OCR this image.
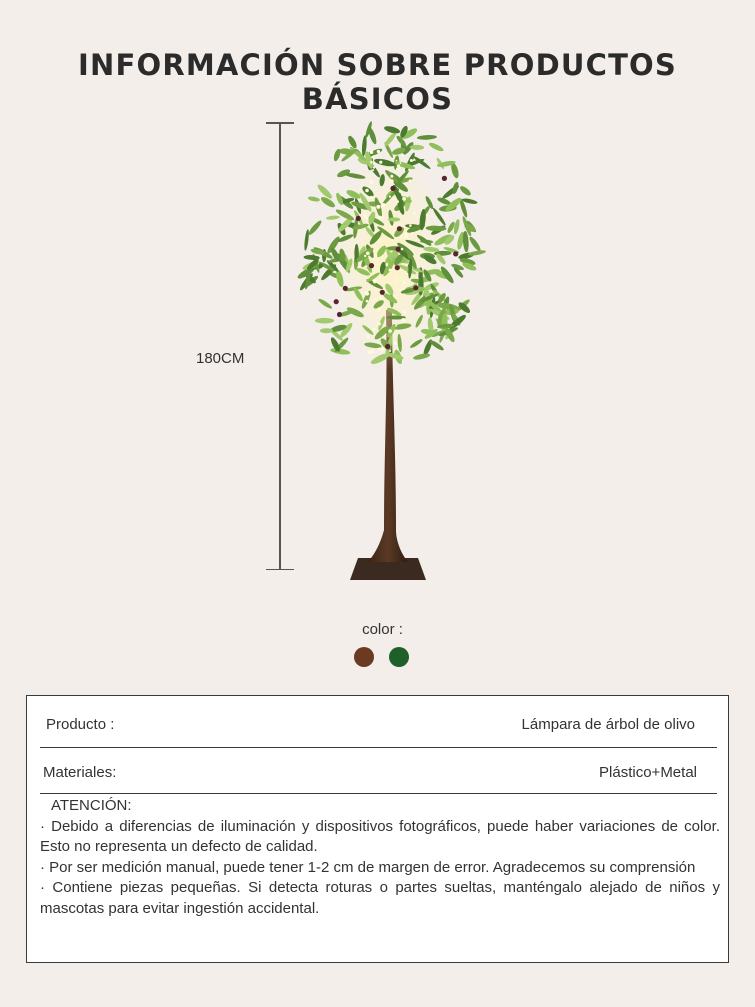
INFORMACIÓN SOBRE PRODUCTOS BÁSICOS
180CM
color :
Producto :	Lámpara de árbol de olivo
Materiales:	Plástico+Metal

ATENCIÓN:

· Debido a diferencias de iluminación y dispositivos fotográficos, puede haber variaciones de color. Esto no representa un defecto de calidad.

· Por ser medición manual, puede tener 1-2 cm de margen de error. Agradecemos su comprensión

· Contiene piezas pequeñas. Si detecta roturas o partes sueltas, manténgalo alejado de niños y mascotas para evitar ingestión accidental.
